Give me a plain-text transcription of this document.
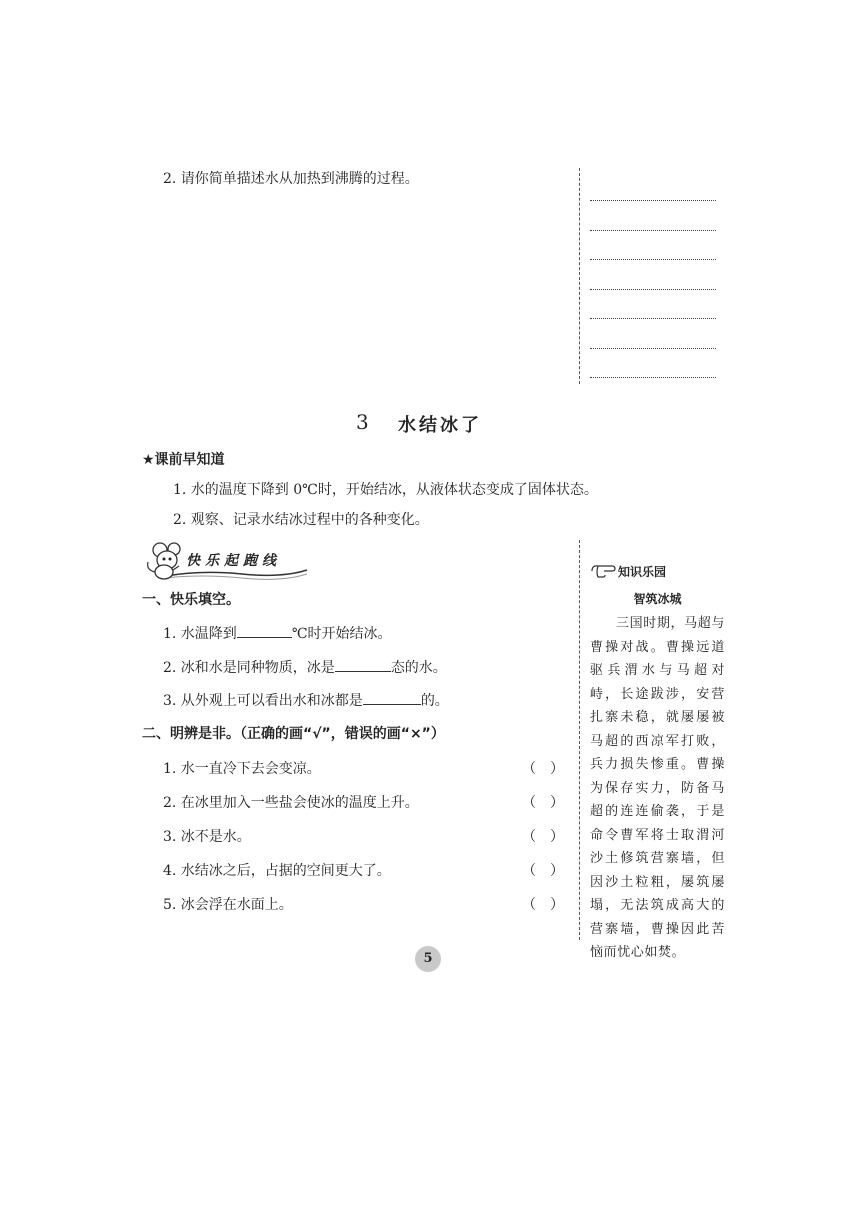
2. 请你简单描述水从加热到沸腾的过程。
3 水结冰了
★课前早知道
1. 水的温度下降到 0℃时，开始结冰，从液体状态变成了固体状态。
2. 观察、记录水结冰过程中的各种变化。
快乐起跑线
一、快乐填空。
1. 水温降到	℃时开始结冰。
2. 冰和水是同种物质，冰是	态的水。
3. 从外观上可以看出水和冰都是	的。
二、明辨是非。（正确的画“√”，错误的画“×”）
1. 水一直冷下去会变凉。	（　）
2. 在冰里加入一些盐会使冰的温度上升。	（　）
3. 冰不是水。	（　）
4. 水结冰之后，占据的空间更大了。	（　）
5. 冰会浮在水面上。	（　）
知识乐园
智筑冰城
三国时期，马超与曹操对战。曹操远道驱兵渭水与马超对峙，长途跋涉，安营扎寨未稳，就屡屡被马超的西凉军打败，兵力损失惨重。曹操为保存实力，防备马超的连连偷袭，于是命令曹军将士取渭河沙土修筑营寨墙，但因沙土粒粗，屡筑屡塌，无法筑成高大的营寨墙，曹操因此苦恼而忧心如焚。
5
